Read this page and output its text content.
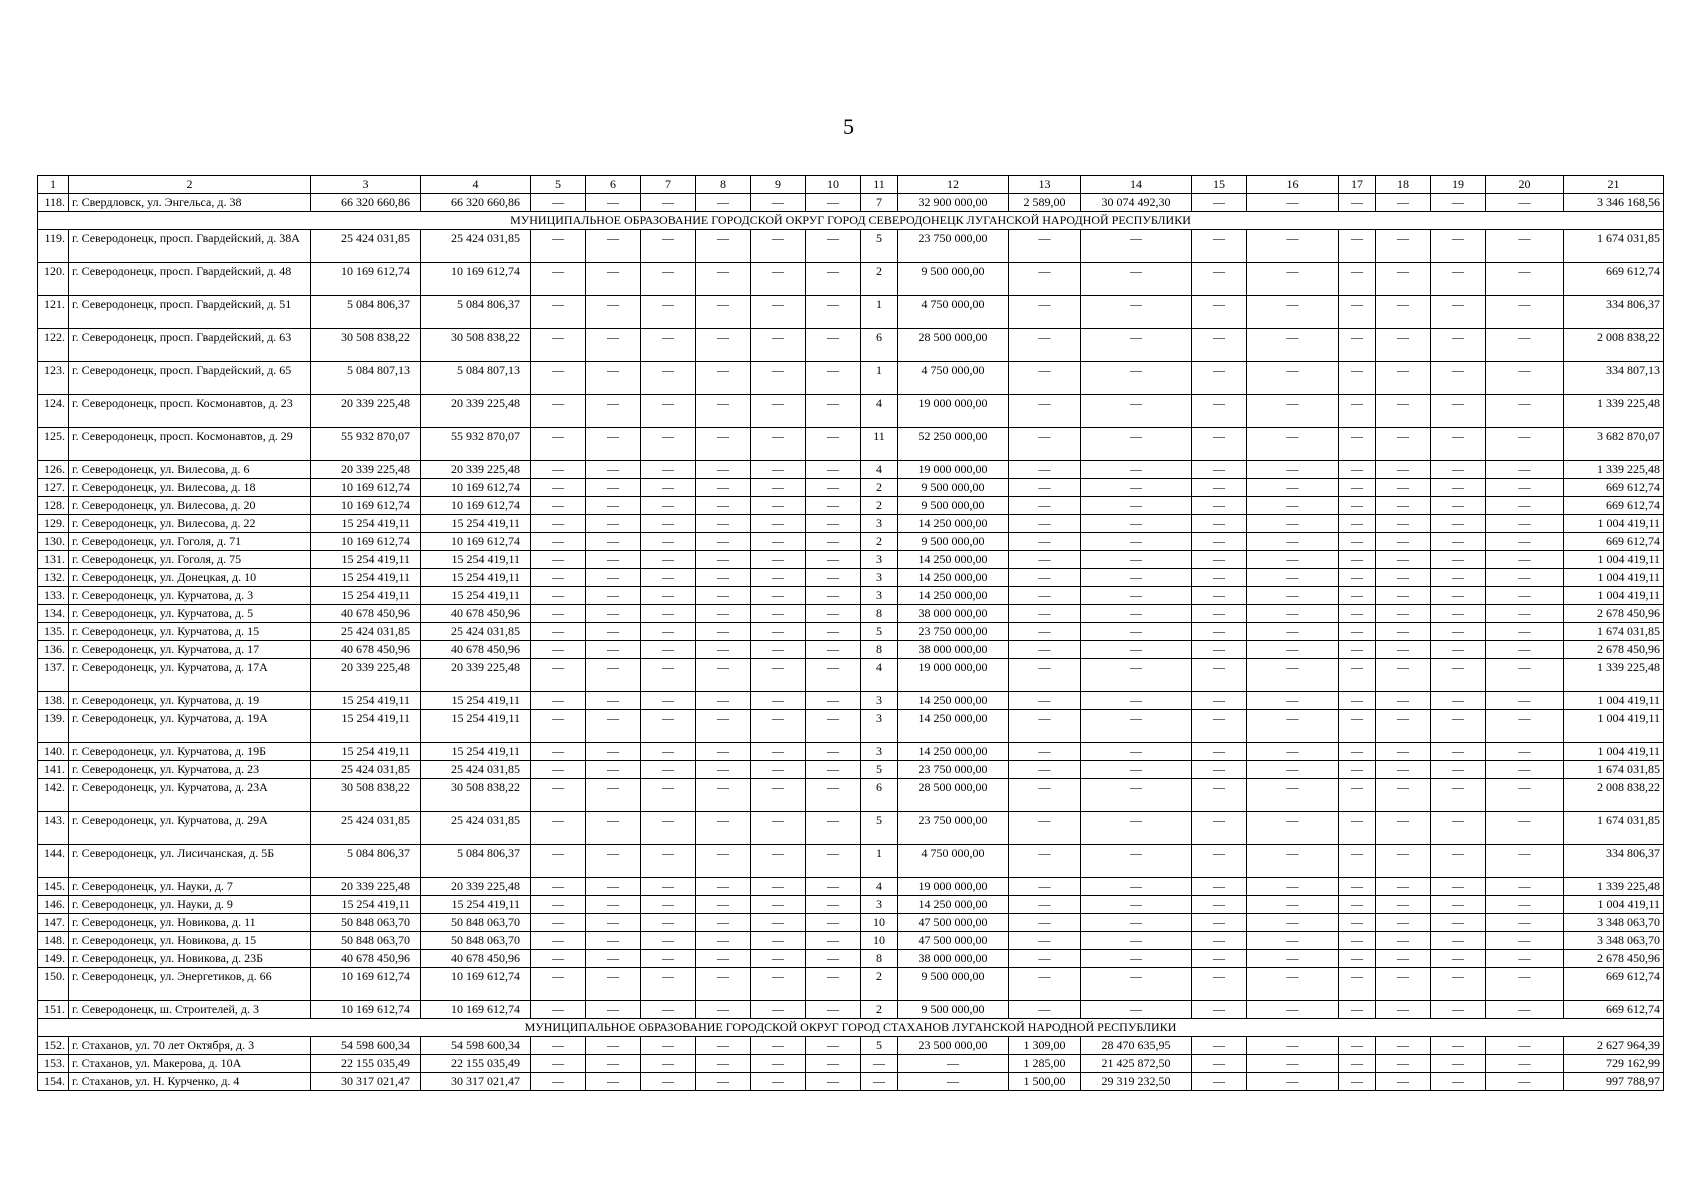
5
1	2	3	4	5	6	7	8	9	10	11	12	13	14	15	16	17	18	19	20	21
118.	г. Свердловск, ул. Энгельса, д. 38	66 320 660,86	66 320 660,86	—	—	—	—	—	—	7	32 900 000,00	2 589,00	30 074 492,30	—	—	—	—	—	—	3 346 168,56
МУНИЦИПАЛЬНОЕ ОБРАЗОВАНИЕ ГОРОДСКОЙ ОКРУГ ГОРОД СЕВЕРОДОНЕЦК ЛУГАНСКОЙ НАРОДНОЙ РЕСПУБЛИКИ																				
119.	г. Северодонецк, просп. Гвардейский, д. 38А	25 424 031,85	25 424 031,85	—	—	—	—	—	—	5	23 750 000,00	—	—	—	—	—	—	—	—	1 674 031,85
120.	г. Северодонецк, просп. Гвардейский, д. 48	10 169 612,74	10 169 612,74	—	—	—	—	—	—	2	9 500 000,00	—	—	—	—	—	—	—	—	669 612,74
121.	г. Северодонецк, просп. Гвардейский, д. 51	5 084 806,37	5 084 806,37	—	—	—	—	—	—	1	4 750 000,00	—	—	—	—	—	—	—	—	334 806,37
122.	г. Северодонецк, просп. Гвардейский, д. 63	30 508 838,22	30 508 838,22	—	—	—	—	—	—	6	28 500 000,00	—	—	—	—	—	—	—	—	2 008 838,22
123.	г. Северодонецк, просп. Гвардейский, д. 65	5 084 807,13	5 084 807,13	—	—	—	—	—	—	1	4 750 000,00	—	—	—	—	—	—	—	—	334 807,13
124.	г. Северодонецк, просп. Космонавтов, д. 23	20 339 225,48	20 339 225,48	—	—	—	—	—	—	4	19 000 000,00	—	—	—	—	—	—	—	—	1 339 225,48
125.	г. Северодонецк, просп. Космонавтов, д. 29	55 932 870,07	55 932 870,07	—	—	—	—	—	—	11	52 250 000,00	—	—	—	—	—	—	—	—	3 682 870,07
126.	г. Северодонецк, ул. Вилесова, д. 6	20 339 225,48	20 339 225,48	—	—	—	—	—	—	4	19 000 000,00	—	—	—	—	—	—	—	—	1 339 225,48
127.	г. Северодонецк, ул. Вилесова, д. 18	10 169 612,74	10 169 612,74	—	—	—	—	—	—	2	9 500 000,00	—	—	—	—	—	—	—	—	669 612,74
128.	г. Северодонецк, ул. Вилесова, д. 20	10 169 612,74	10 169 612,74	—	—	—	—	—	—	2	9 500 000,00	—	—	—	—	—	—	—	—	669 612,74
129.	г. Северодонецк, ул. Вилесова, д. 22	15 254 419,11	15 254 419,11	—	—	—	—	—	—	3	14 250 000,00	—	—	—	—	—	—	—	—	1 004 419,11
130.	г. Северодонецк, ул. Гоголя, д. 71	10 169 612,74	10 169 612,74	—	—	—	—	—	—	2	9 500 000,00	—	—	—	—	—	—	—	—	669 612,74
131.	г. Северодонецк, ул. Гоголя, д. 75	15 254 419,11	15 254 419,11	—	—	—	—	—	—	3	14 250 000,00	—	—	—	—	—	—	—	—	1 004 419,11
132.	г. Северодонецк, ул. Донецкая, д. 10	15 254 419,11	15 254 419,11	—	—	—	—	—	—	3	14 250 000,00	—	—	—	—	—	—	—	—	1 004 419,11
133.	г. Северодонецк, ул. Курчатова, д. 3	15 254 419,11	15 254 419,11	—	—	—	—	—	—	3	14 250 000,00	—	—	—	—	—	—	—	—	1 004 419,11
134.	г. Северодонецк, ул. Курчатова, д. 5	40 678 450,96	40 678 450,96	—	—	—	—	—	—	8	38 000 000,00	—	—	—	—	—	—	—	—	2 678 450,96
135.	г. Северодонецк, ул. Курчатова, д. 15	25 424 031,85	25 424 031,85	—	—	—	—	—	—	5	23 750 000,00	—	—	—	—	—	—	—	—	1 674 031,85
136.	г. Северодонецк, ул. Курчатова, д. 17	40 678 450,96	40 678 450,96	—	—	—	—	—	—	8	38 000 000,00	—	—	—	—	—	—	—	—	2 678 450,96
137.	г. Северодонецк, ул. Курчатова, д. 17А	20 339 225,48	20 339 225,48	—	—	—	—	—	—	4	19 000 000,00	—	—	—	—	—	—	—	—	1 339 225,48
138.	г. Северодонецк, ул. Курчатова, д. 19	15 254 419,11	15 254 419,11	—	—	—	—	—	—	3	14 250 000,00	—	—	—	—	—	—	—	—	1 004 419,11
139.	г. Северодонецк, ул. Курчатова, д. 19А	15 254 419,11	15 254 419,11	—	—	—	—	—	—	3	14 250 000,00	—	—	—	—	—	—	—	—	1 004 419,11
140.	г. Северодонецк, ул. Курчатова, д. 19Б	15 254 419,11	15 254 419,11	—	—	—	—	—	—	3	14 250 000,00	—	—	—	—	—	—	—	—	1 004 419,11
141.	г. Северодонецк, ул. Курчатова, д. 23	25 424 031,85	25 424 031,85	—	—	—	—	—	—	5	23 750 000,00	—	—	—	—	—	—	—	—	1 674 031,85
142.	г. Северодонецк, ул. Курчатова, д. 23А	30 508 838,22	30 508 838,22	—	—	—	—	—	—	6	28 500 000,00	—	—	—	—	—	—	—	—	2 008 838,22
143.	г. Северодонецк, ул. Курчатова, д. 29А	25 424 031,85	25 424 031,85	—	—	—	—	—	—	5	23 750 000,00	—	—	—	—	—	—	—	—	1 674 031,85
144.	г. Северодонецк, ул. Лисичанская, д. 5Б	5 084 806,37	5 084 806,37	—	—	—	—	—	—	1	4 750 000,00	—	—	—	—	—	—	—	—	334 806,37
145.	г. Северодонецк, ул. Науки, д. 7	20 339 225,48	20 339 225,48	—	—	—	—	—	—	4	19 000 000,00	—	—	—	—	—	—	—	—	1 339 225,48
146.	г. Северодонецк, ул. Науки, д. 9	15 254 419,11	15 254 419,11	—	—	—	—	—	—	3	14 250 000,00	—	—	—	—	—	—	—	—	1 004 419,11
147.	г. Северодонецк, ул. Новикова, д. 11	50 848 063,70	50 848 063,70	—	—	—	—	—	—	10	47 500 000,00	—	—	—	—	—	—	—	—	3 348 063,70
148.	г. Северодонецк, ул. Новикова, д. 15	50 848 063,70	50 848 063,70	—	—	—	—	—	—	10	47 500 000,00	—	—	—	—	—	—	—	—	3 348 063,70
149.	г. Северодонецк, ул. Новикова, д. 23Б	40 678 450,96	40 678 450,96	—	—	—	—	—	—	8	38 000 000,00	—	—	—	—	—	—	—	—	2 678 450,96
150.	г. Северодонецк, ул. Энергетиков, д. 66	10 169 612,74	10 169 612,74	—	—	—	—	—	—	2	9 500 000,00	—	—	—	—	—	—	—	—	669 612,74
151.	г. Северодонецк, ш. Строителей, д. 3	10 169 612,74	10 169 612,74	—	—	—	—	—	—	2	9 500 000,00	—	—	—	—	—	—	—	—	669 612,74
МУНИЦИПАЛЬНОЕ ОБРАЗОВАНИЕ ГОРОДСКОЙ ОКРУГ ГОРОД СТАХАНОВ ЛУГАНСКОЙ НАРОДНОЙ РЕСПУБЛИКИ																				
152.	г. Стаханов, ул. 70 лет Октября, д. 3	54 598 600,34	54 598 600,34	—	—	—	—	—	—	5	23 500 000,00	1 309,00	28 470 635,95	—	—	—	—	—	—	2 627 964,39
153.	г. Стаханов, ул. Макерова, д. 10А	22 155 035,49	22 155 035,49	—	—	—	—	—	—	—	—	1 285,00	21 425 872,50	—	—	—	—	—	—	729 162,99
154.	г. Стаханов, ул. Н. Курченко, д. 4	30 317 021,47	30 317 021,47	—	—	—	—	—	—	—	—	1 500,00	29 319 232,50	—	—	—	—	—	—	997 788,97
